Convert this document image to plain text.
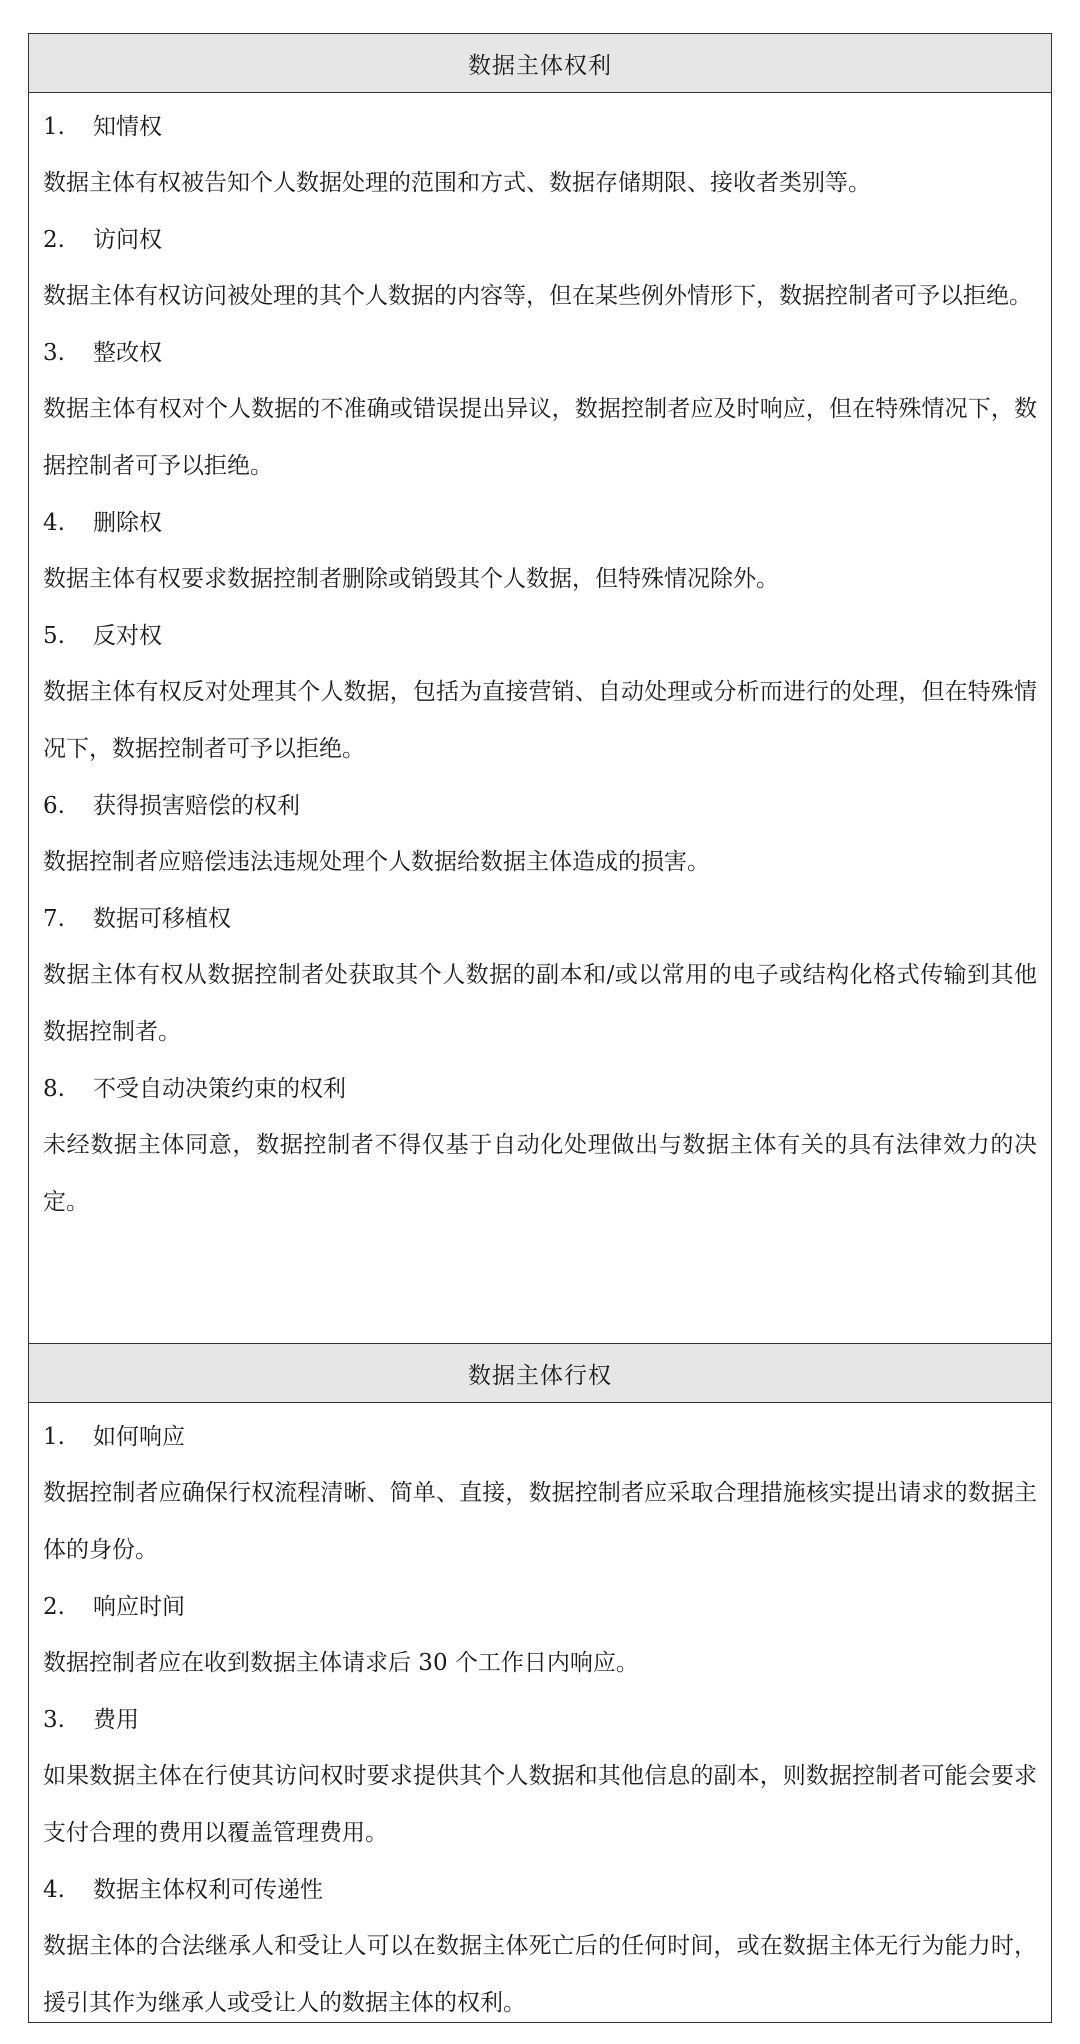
数据主体权利
1. 知情权
数据主体有权被告知个人数据处理的范围和方式、数据存储期限、接收者类别等。
2. 访问权
数据主体有权访问被处理的其个人数据的内容等，但在某些例外情形下，数据控制者可予以拒绝。
3. 整改权
数据主体有权对个人数据的不准确或错误提出异议，数据控制者应及时响应，但在特殊情况下，数据控制者可予以拒绝。
4. 删除权
数据主体有权要求数据控制者删除或销毁其个人数据，但特殊情况除外。
5. 反对权
数据主体有权反对处理其个人数据，包括为直接营销、自动处理或分析而进行的处理，但在特殊情况下，数据控制者可予以拒绝。
6. 获得损害赔偿的权利
数据控制者应赔偿违法违规处理个人数据给数据主体造成的损害。
7. 数据可移植权
数据主体有权从数据控制者处获取其个人数据的副本和/或以常用的电子或结构化格式传输到其他数据控制者。
8. 不受自动决策约束的权利
未经数据主体同意，数据控制者不得仅基于自动化处理做出与数据主体有关的具有法律效力的决定。
数据主体行权
1. 如何响应
数据控制者应确保行权流程清晰、简单、直接，数据控制者应采取合理措施核实提出请求的数据主体的身份。
2. 响应时间
数据控制者应在收到数据主体请求后 30 个工作日内响应。
3. 费用
如果数据主体在行使其访问权时要求提供其个人数据和其他信息的副本，则数据控制者可能会要求支付合理的费用以覆盖管理费用。
4. 数据主体权利可传递性
数据主体的合法继承人和受让人可以在数据主体死亡后的任何时间，或在数据主体无行为能力时，援引其作为继承人或受让人的数据主体的权利。
